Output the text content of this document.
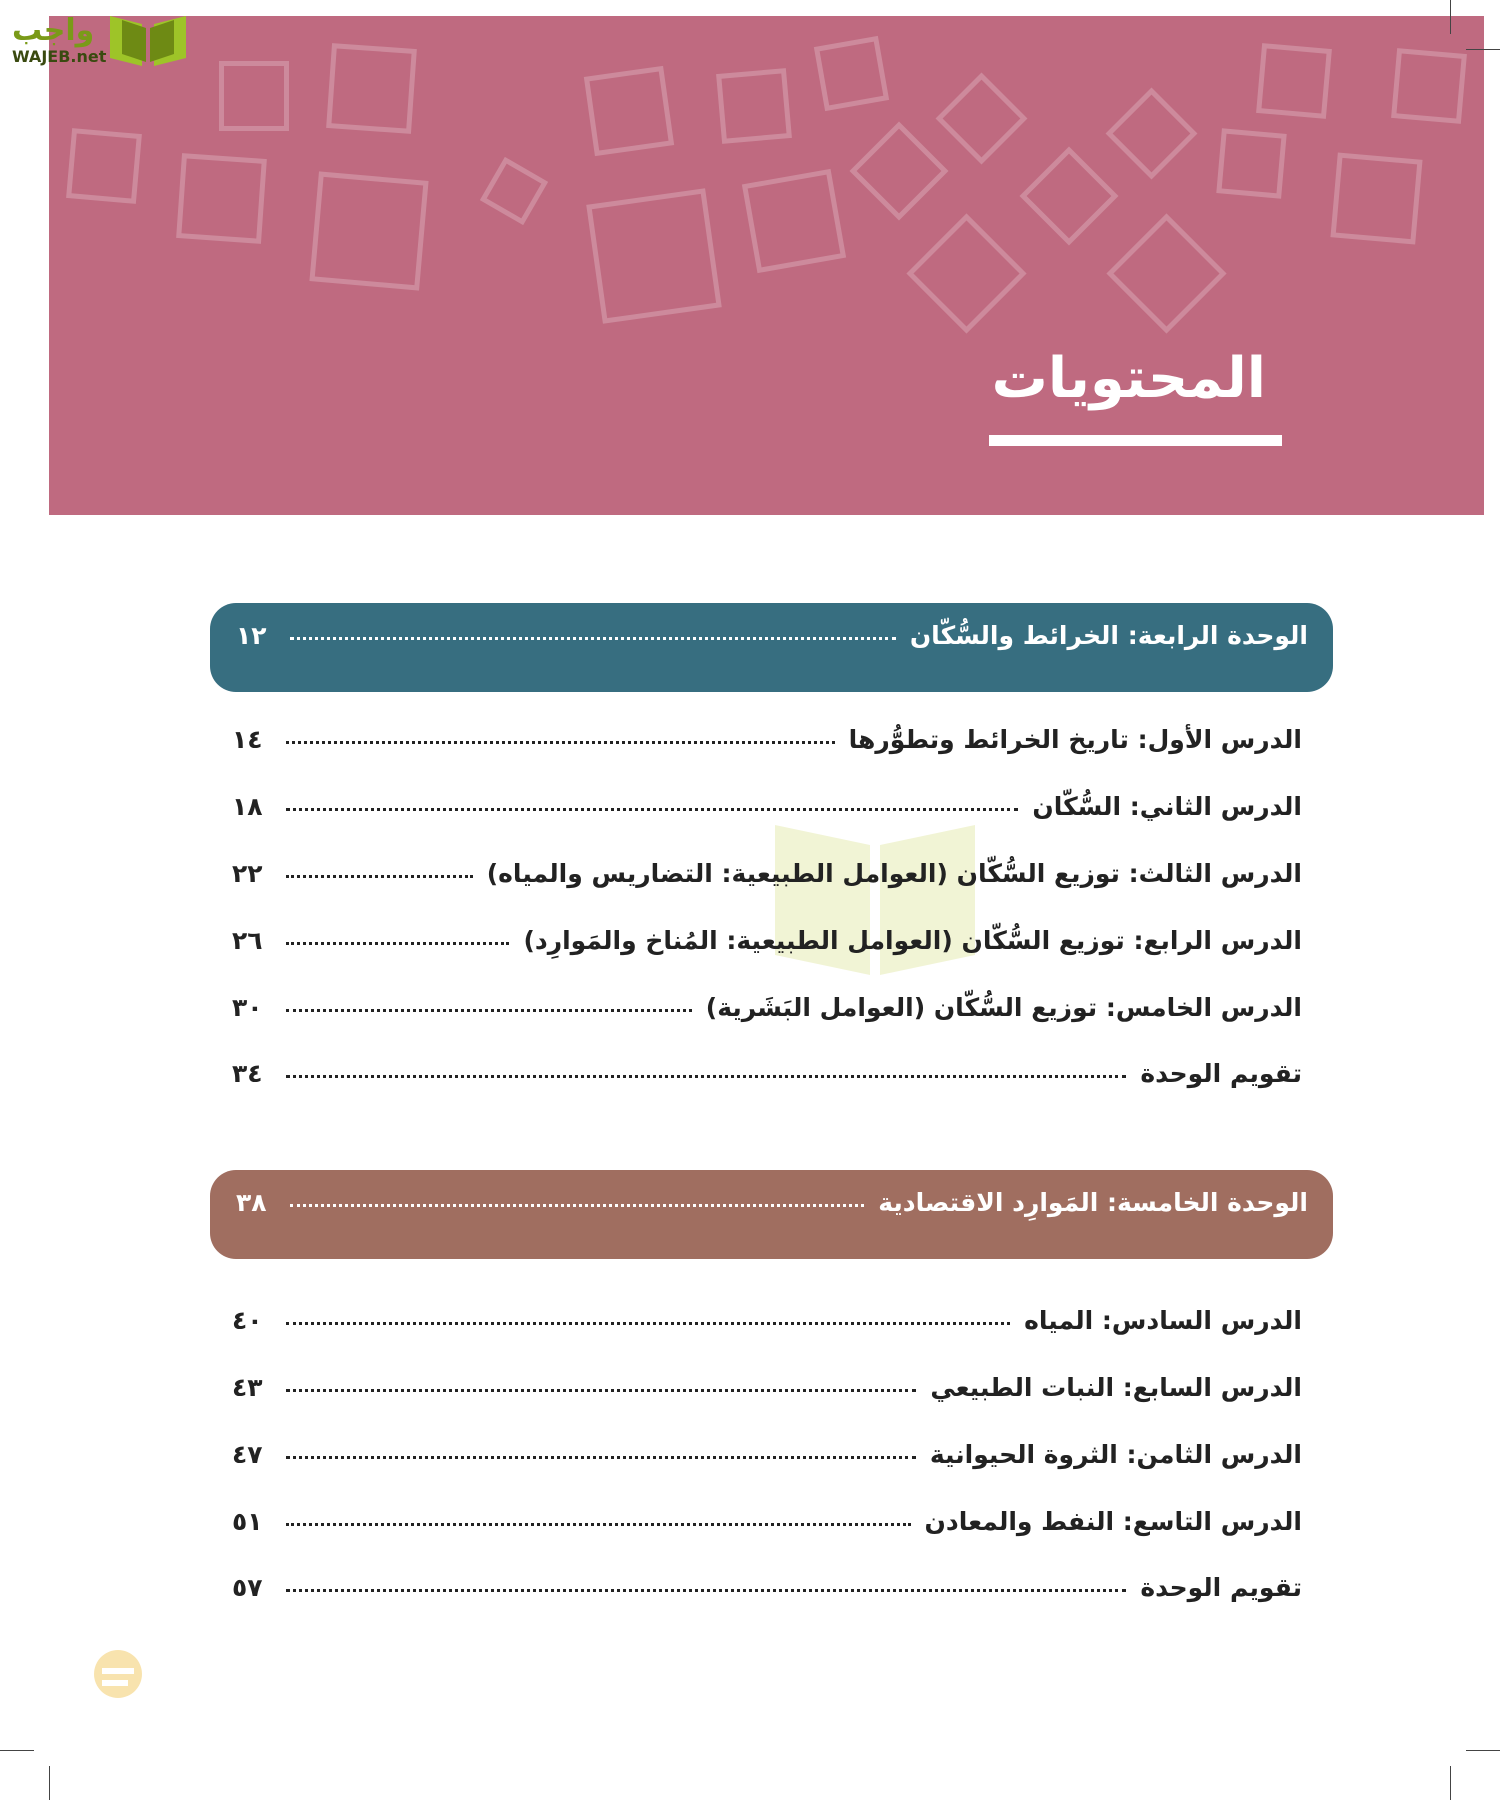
المحتويات
واجب
WAJEB.net
الوحدة الرابعة: الخرائط والسُّكّان
١٢
الدرس الأول: تاريخ الخرائط وتطوُّرها
١٤
الدرس الثاني: السُّكّان
١٨
الدرس الثالث: توزيع السُّكّان (العوامل الطبيعية: التضاريس والمياه)
٢٢
الدرس الرابع: توزيع السُّكّان (العوامل الطبيعية: المُناخ والمَوارِد)
٢٦
الدرس الخامس: توزيع السُّكّان (العوامل البَشَرية)
٣٠
تقويم الوحدة
٣٤
الوحدة الخامسة: المَوارِد الاقتصادية
٣٨
الدرس السادس: المياه
٤٠
الدرس السابع: النبات الطبيعي
٤٣
الدرس الثامن: الثروة الحيوانية
٤٧
الدرس التاسع: النفط والمعادن
٥١
تقويم الوحدة
٥٧
